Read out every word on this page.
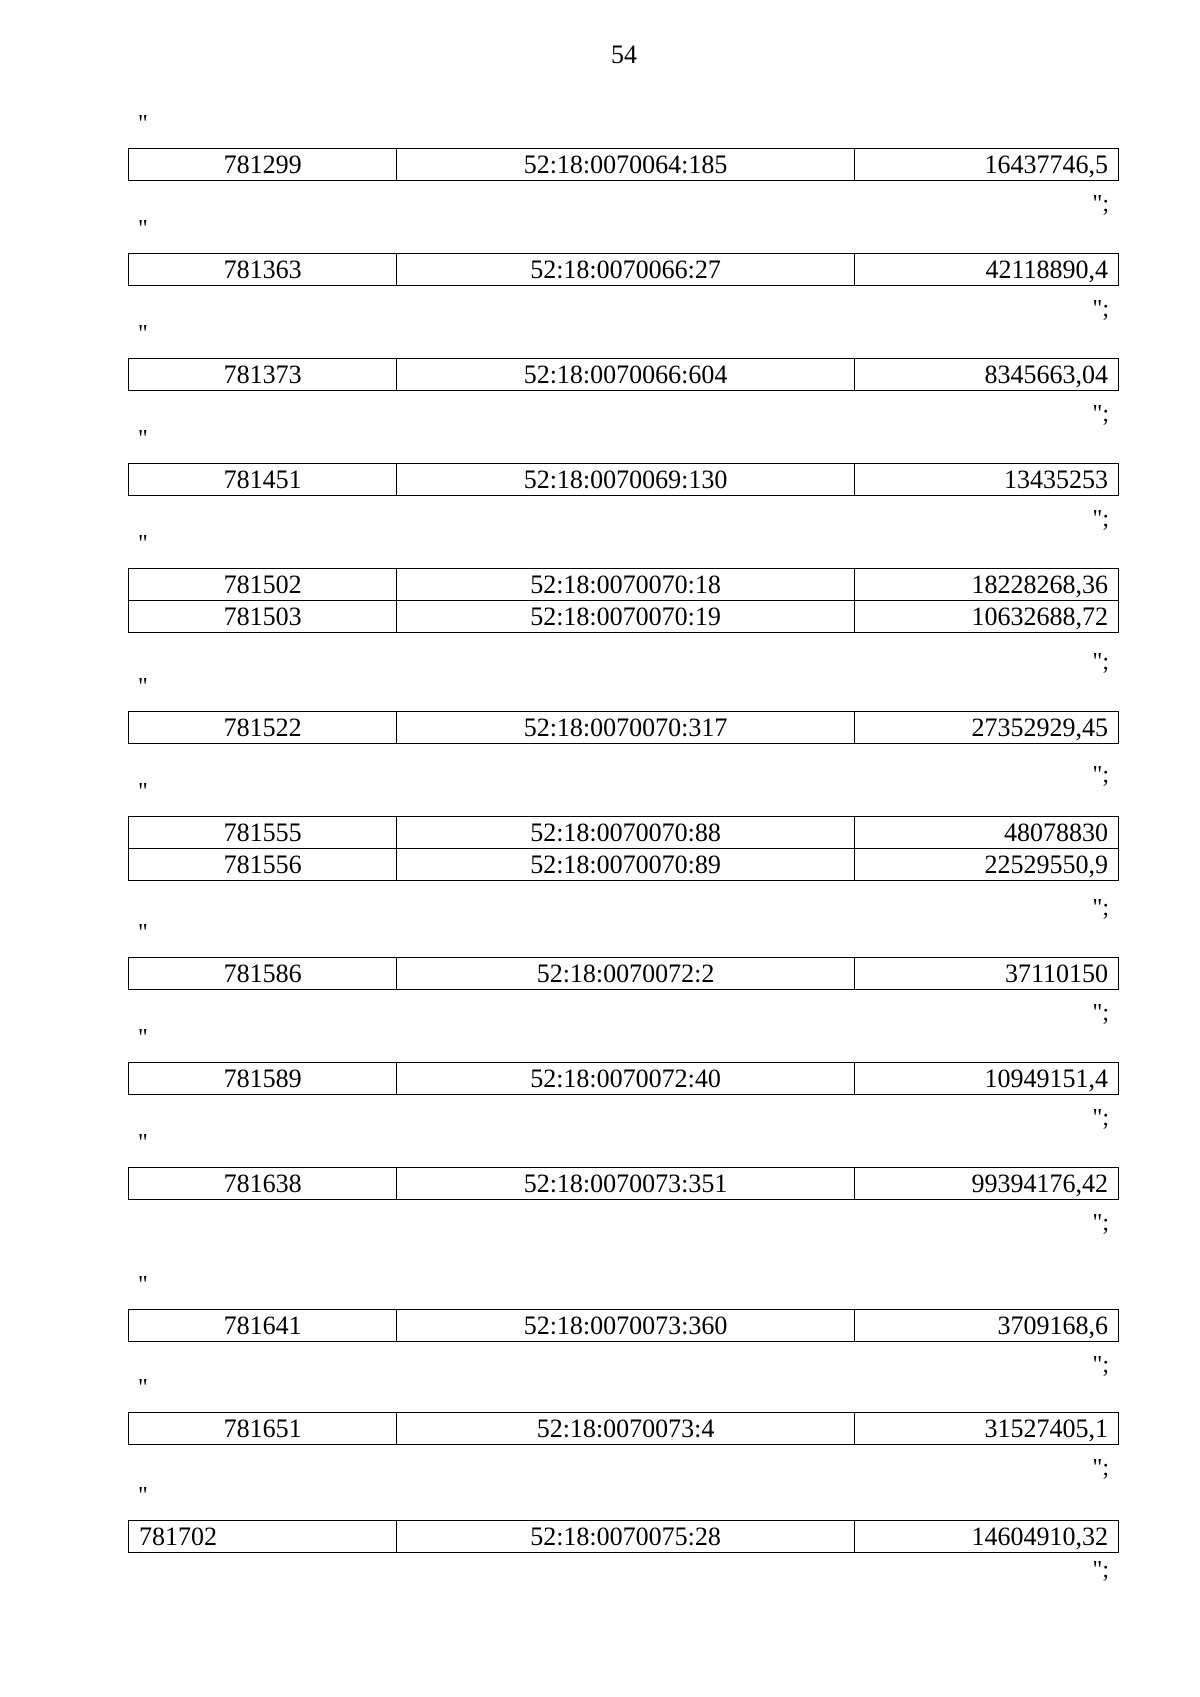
54
"
781299	52:18:0070064:185	16437746,5
";
"
781363	52:18:0070066:27	42118890,4
";
"
781373	52:18:0070066:604	8345663,04
";
"
781451	52:18:0070069:130	13435253
";
"
781502	52:18:0070070:18	18228268,36
781503	52:18:0070070:19	10632688,72
";
"
781522	52:18:0070070:317	27352929,45
";
"
781555	52:18:0070070:88	48078830
781556	52:18:0070070:89	22529550,9
";
"
781586	52:18:0070072:2	37110150
";
"
781589	52:18:0070072:40	10949151,4
";
"
781638	52:18:0070073:351	99394176,42
";
"
781641	52:18:0070073:360	3709168,6
";
"
781651	52:18:0070073:4	31527405,1
";
"
781702	52:18:0070075:28	14604910,32
";
